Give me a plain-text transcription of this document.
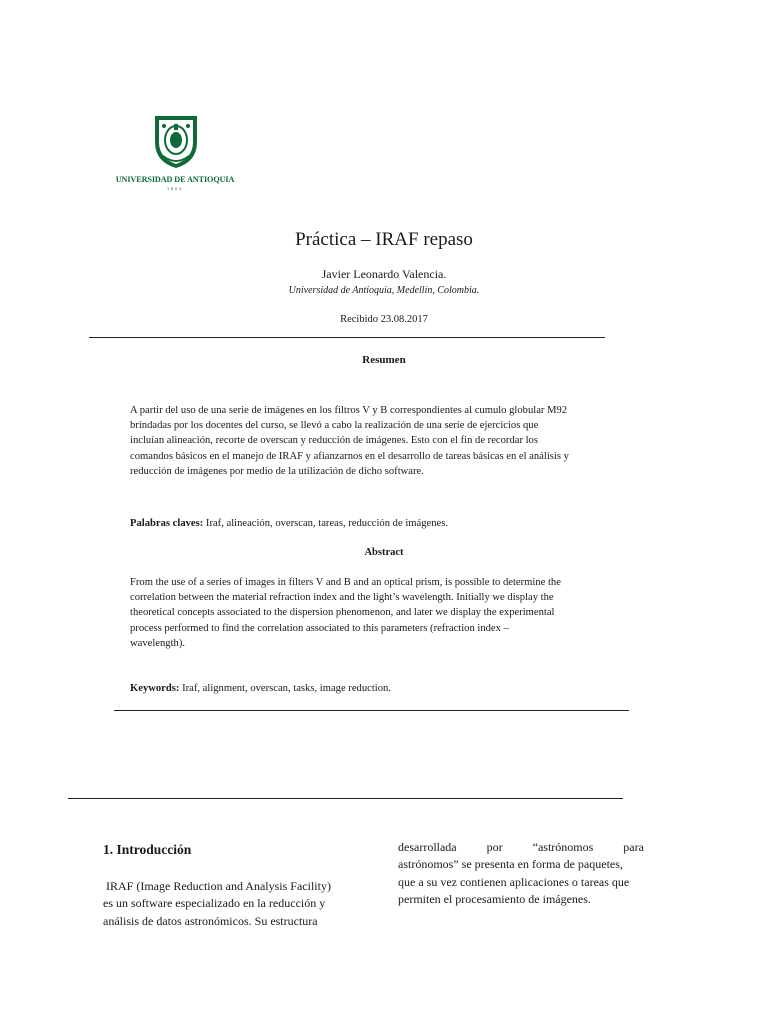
UNIVERSIDAD DE ANTIOQUIA
1803
Práctica – IRAF repaso
Javier Leonardo Valencia.
Universidad de Antioquia, Medellín, Colombia.
Recibido 23.08.2017
Resumen
A partir del uso de una serie de imágenes en los filtros V y B correspondientes al cumulo globular M92
brindadas por los docentes del curso, se llevó a cabo la realización de una serie de ejercicios que
incluían alineación, recorte de overscan y reducción de imágenes. Esto con el fin de recordar los
comandos básicos en el manejo de IRAF y afianzarnos en el desarrollo de tareas básicas en el análisis y
reducción de imágenes por medio de la utilización de dicho software.
Palabras claves: Iraf, alineación, overscan, tareas, reducción de imágenes.
Abstract
From the use of a series of images in filters V and B and an optical prism, is possible to determine the
correlation between the material refraction index and the light’s wavelength. Initially we display the
theoretical concepts associated to the dispersion phenomenon, and later we display the experimental
process performed to find the correlation associated to this parameters (refraction index –
wavelength).
Keywords: Iraf, alignment, overscan, tasks, image reduction.
1. Introducción
IRAF (Image Reduction and Analysis Facility)
es un software especializado en la reducción y
análisis de datos astronómicos. Su estructura
desarrollada          por          “astrónomos          para
astrónomos” se presenta en forma de paquetes,
que a su vez contienen aplicaciones o tareas que
permiten el procesamiento de imágenes.
